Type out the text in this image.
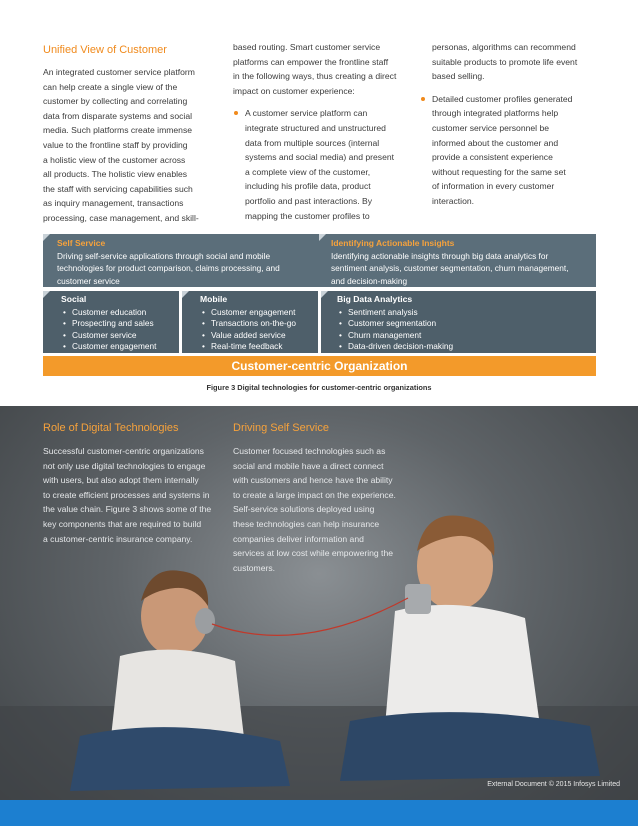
Unified View of Customer
An integrated customer service platform
can help create a single view of the
customer by collecting and correlating
data from disparate systems and social
media. Such platforms create immense
value to the frontline staff by providing
a holistic view of the customer across
all products. The holistic view enables
the staff with servicing capabilities such
as inquiry management, transactions
processing, case management, and skill-
based routing. Smart customer service
platforms can empower the frontline staff
in the following ways, thus creating a direct
impact on customer experience:
A customer service platform can
integrate structured and unstructured
data from multiple sources (internal
systems and social media) and present
a complete view of the customer,
including his profile data, product
portfolio and past interactions. By
mapping the customer profiles to
personas, algorithms can recommend
suitable products to promote life event
based selling.
Detailed customer profiles generated
through integrated platforms help
customer service personnel be
informed about the customer and
provide a consistent experience
without requesting for the same set
of information in every customer
interaction.
Self Service
Driving self-service applications through social and mobile
technologies for product comparison, claims processing, and
customer service
Identifying Actionable Insights
Identifying actionable insights through big data analytics for
sentiment analysis, customer segmentation, churn management,
and decision-making
Social
• Customer education
• Prospecting and sales
• Customer service
• Customer engagement
Mobile
• Customer engagement
• Transactions on-the-go
• Value added service
• Real-time feedback
Big Data Analytics
• Sentiment analysis
• Customer segmentation
• Churn management
• Data-driven decision-making
Customer-centric Organization
Figure 3 Digital technologies for customer-centric organizations
Role of Digital Technologies
Successful customer-centric organizations
not only use digital technologies to engage
with users, but also adopt them internally
to create efficient processes and systems in
the value chain. Figure 3 shows some of the
key components that are required to build
a customer-centric insurance company.
Driving Self Service
Customer focused technologies such as
social and mobile have a direct connect
with customers and hence have the ability
to create a large impact on the experience.
Self-service solutions deployed using
these technologies can help insurance
companies deliver information and
services at low cost while empowering the
customers.
External Document © 2015 Infosys Limited
